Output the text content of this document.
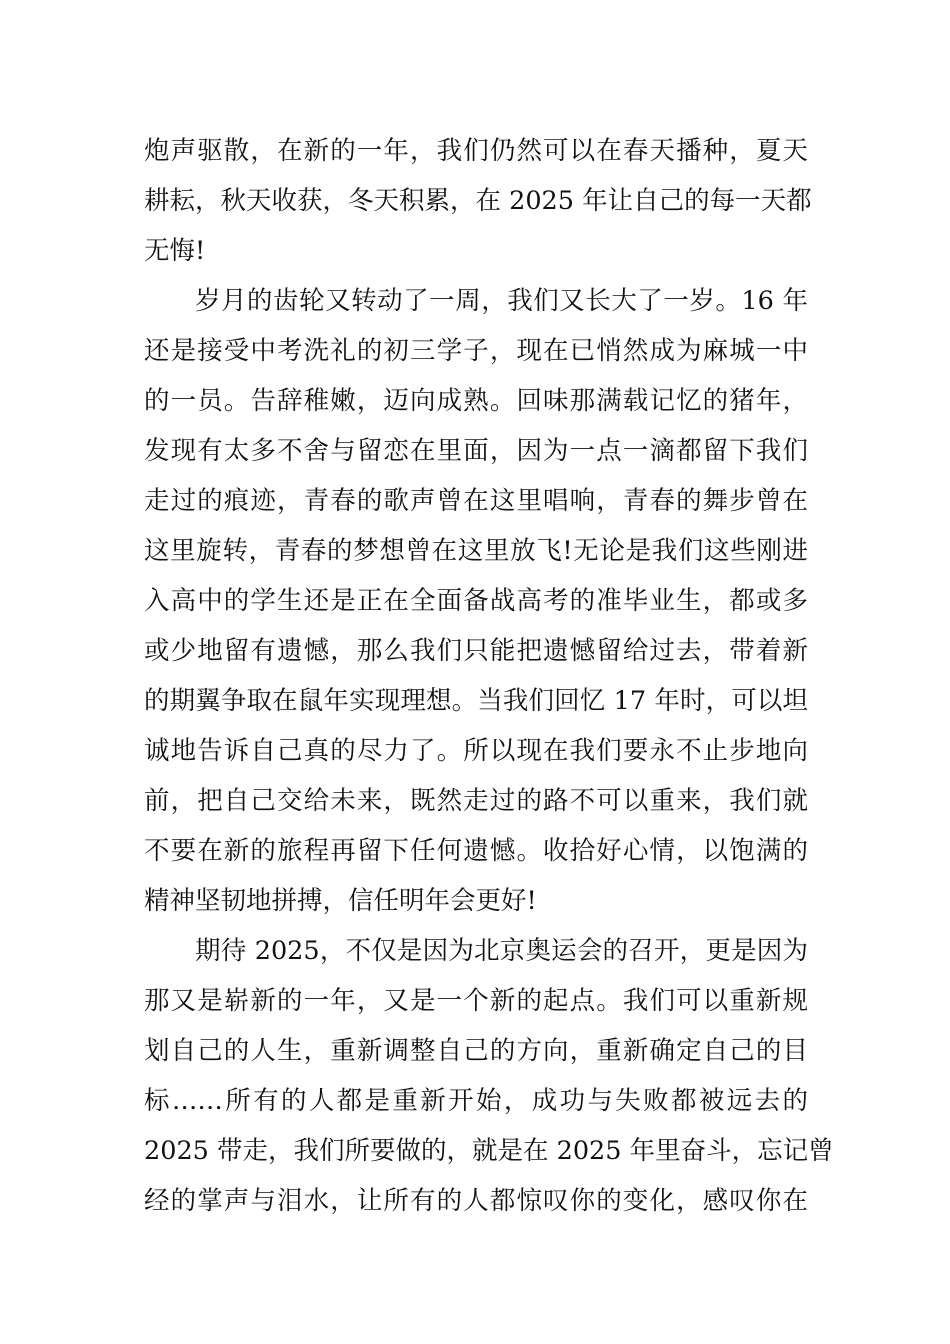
炮声驱散，在新的一年，我们仍然可以在春天播种，夏天
耕耘，秋天收获，冬天积累，在 2025 年让自己的每一天都
无悔!
岁月的齿轮又转动了一周，我们又长大了一岁。16 年
还是接受中考洗礼的初三学子，现在已悄然成为麻城一中
的一员。告辞稚嫩，迈向成熟。回味那满载记忆的猪年，
发现有太多不舍与留恋在里面，因为一点一滴都留下我们
走过的痕迹，青春的歌声曾在这里唱响，青春的舞步曾在
这里旋转，青春的梦想曾在这里放飞!无论是我们这些刚进
入高中的学生还是正在全面备战高考的准毕业生，都或多
或少地留有遗憾，那么我们只能把遗憾留给过去，带着新
的期翼争取在鼠年实现理想。当我们回忆 17 年时，可以坦
诚地告诉自己真的尽力了。所以现在我们要永不止步地向
前，把自己交给未来，既然走过的路不可以重来，我们就
不要在新的旅程再留下任何遗憾。收拾好心情，以饱满的
精神坚韧地拼搏，信任明年会更好!
期待 2025，不仅是因为北京奥运会的召开，更是因为
那又是崭新的一年，又是一个新的起点。我们可以重新规
划自己的人生，重新调整自己的方向，重新确定自己的目
标……所有的人都是重新开始，成功与失败都被远去的
2025 带走，我们所要做的，就是在 2025 年里奋斗，忘记曾
经的掌声与泪水，让所有的人都惊叹你的变化，感叹你在
